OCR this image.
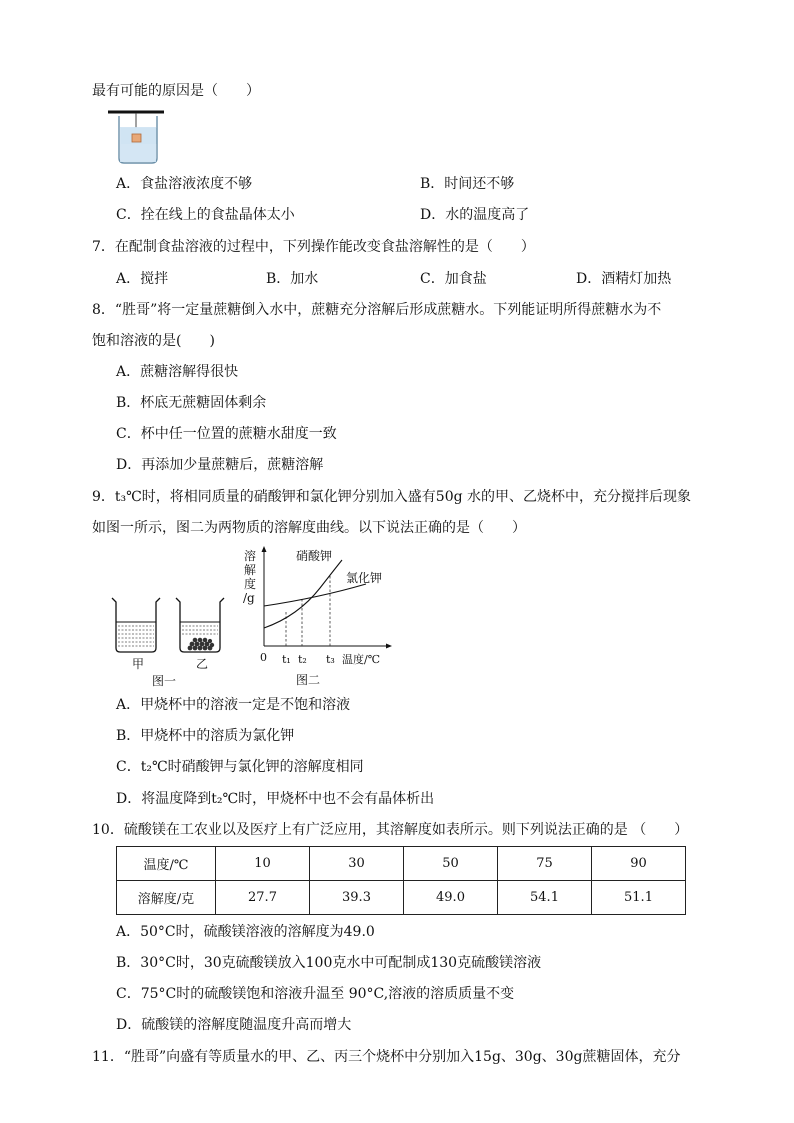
最有可能的原因是（　　）
A．食盐溶液浓度不够	B．时间还不够
C．拴在线上的食盐晶体太小	D．水的温度高了
7．在配制食盐溶液的过程中，下列操作能改变食盐溶解性的是（　　）
A．搅拌	B．加水	C．加食盐	D．酒精灯加热
8．“胜哥”将一定量蔗糖倒入水中，蔗糖充分溶解后形成蔗糖水。下列能证明所得蔗糖水为不
饱和溶液的是(　　)
A．蔗糖溶解得很快
B．杯底无蔗糖固体剩余
C．杯中任一位置的蔗糖水甜度一致
D．再添加少量蔗糖后，蔗糖溶解
9．t₃℃时，将相同质量的硝酸钾和氯化钾分别加入盛有50g 水的甲、乙烧杯中，充分搅拌后现象
如图一所示，图二为两物质的溶解度曲线。以下说法正确的是（　　）
甲	乙
图一
溶
解
度
/g
硝酸钾
氯化钾
0 t₁ t₂ t₃ 温度/℃
图二
A．甲烧杯中的溶液一定是不饱和溶液
B．甲烧杯中的溶质为氯化钾
C．t₂℃时硝酸钾与氯化钾的溶解度相同
D．将温度降到t₂℃时，甲烧杯中也不会有晶体析出
10．硫酸镁在工农业以及医疗上有广泛应用，其溶解度如表所示。则下列说法正确的是 （　　）
温度/℃	10	30	50	75	90
溶解度/克	27.7	39.3	49.0	54.1	51.1
A．50°C时，硫酸镁溶液的溶解度为49.0
B．30°C时，30克硫酸镁放入100克水中可配制成130克硫酸镁溶液
C．75°C时的硫酸镁饱和溶液升温至 90°C,溶液的溶质质量不变
D．硫酸镁的溶解度随温度升高而增大
11．“胜哥”向盛有等质量水的甲、乙、丙三个烧杯中分别加入15g、30g、30g蔗糖固体，充分
